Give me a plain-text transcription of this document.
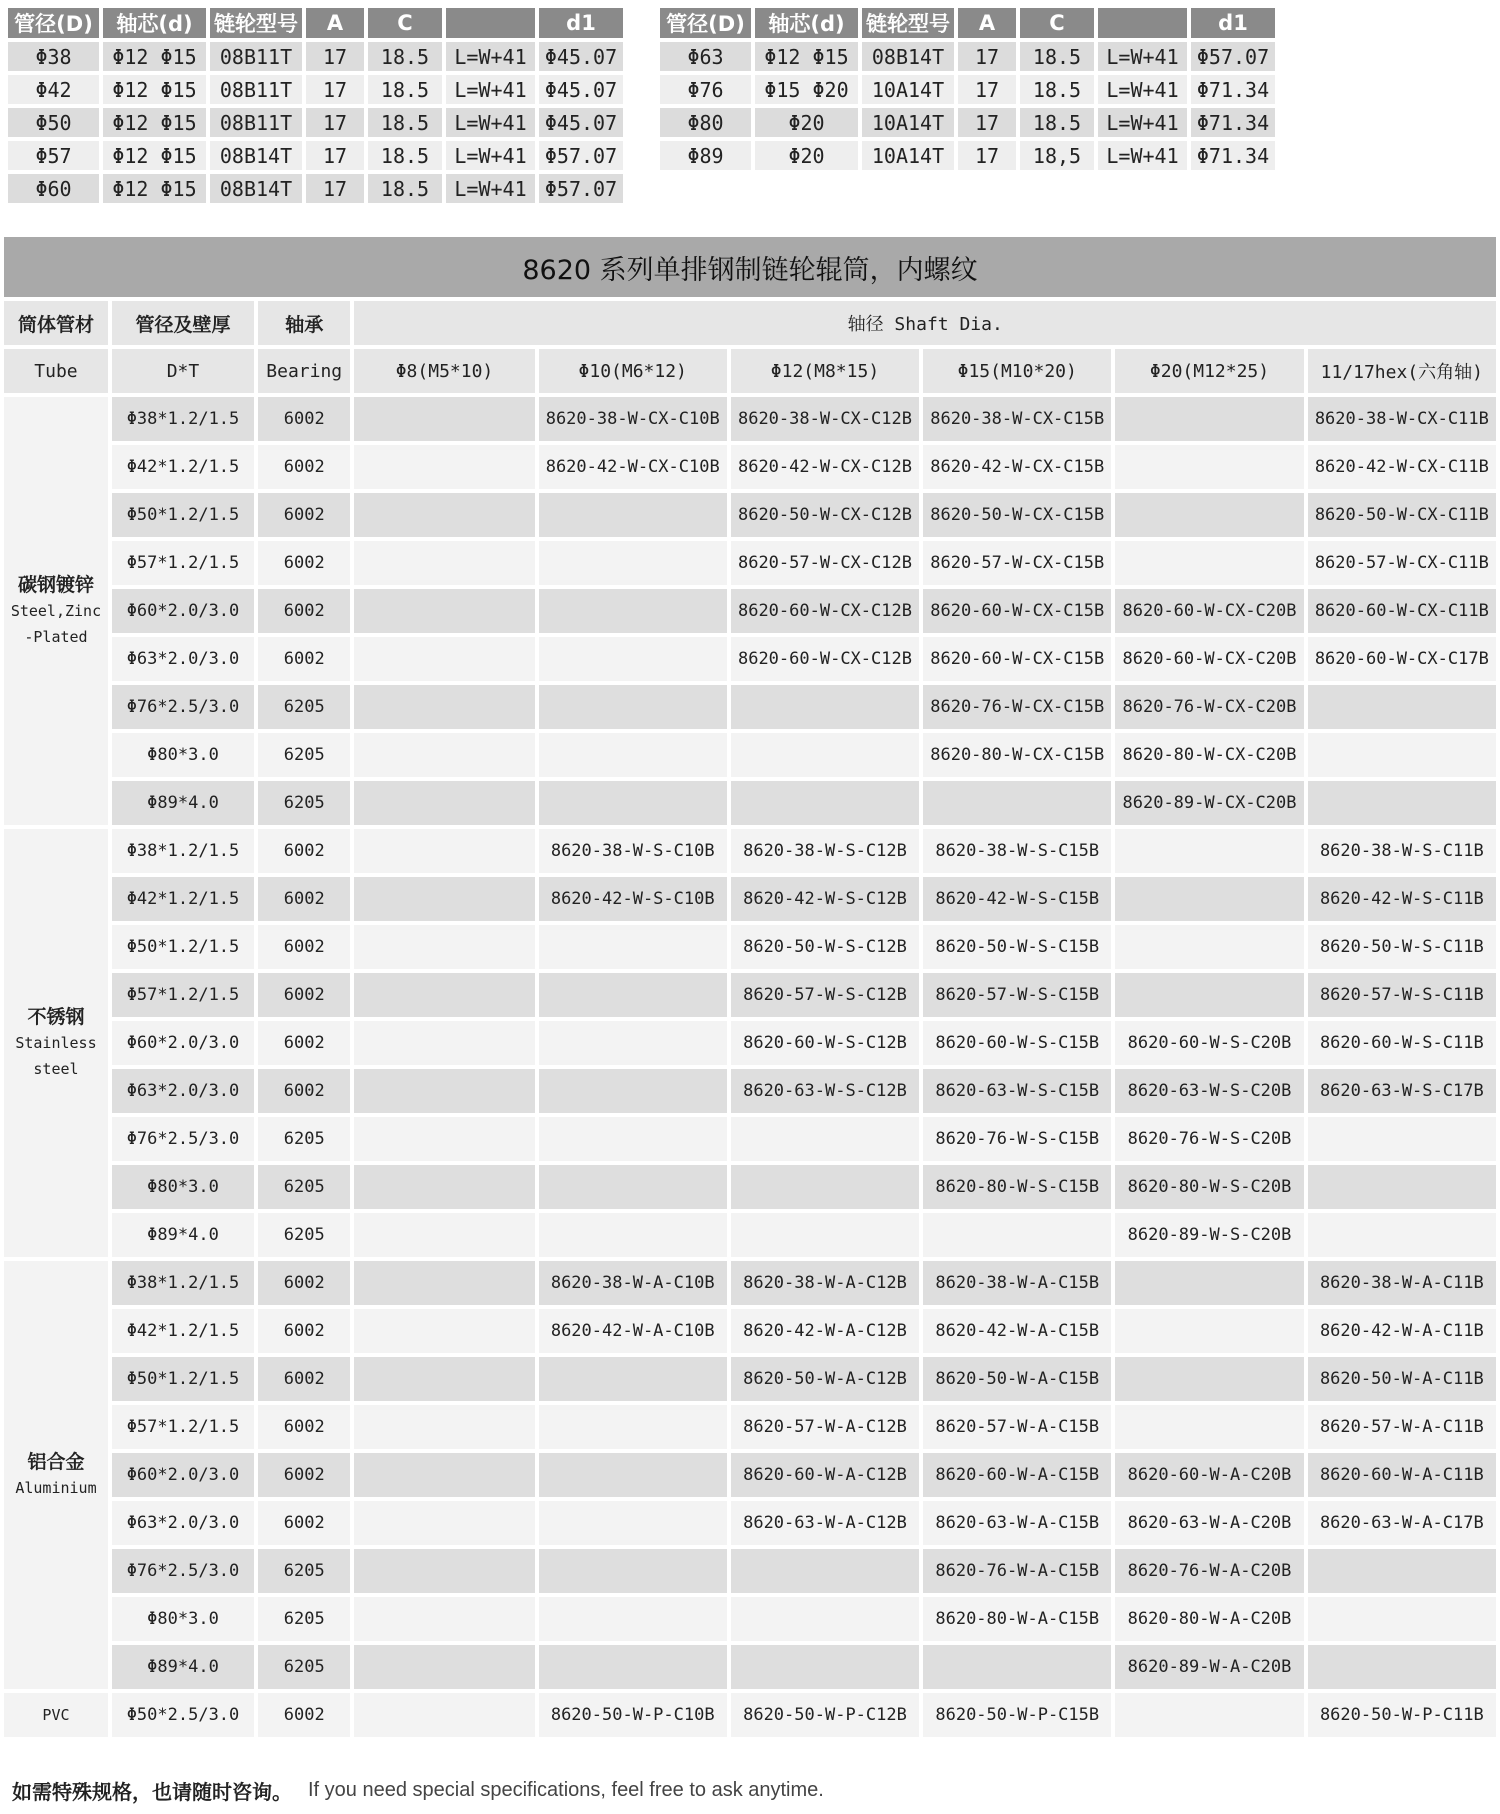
管径(D)	轴芯(d)	链轮型号	A	C		d1
Φ38	Φ12 Φ15	08B11T	17	18.5	L=W+41	Φ45.07
Φ42	Φ12 Φ15	08B11T	17	18.5	L=W+41	Φ45.07
Φ50	Φ12 Φ15	08B11T	17	18.5	L=W+41	Φ45.07
Φ57	Φ12 Φ15	08B14T	17	18.5	L=W+41	Φ57.07
Φ60	Φ12 Φ15	08B14T	17	18.5	L=W+41	Φ57.07
管径(D)	轴芯(d)	链轮型号	A	C		d1
Φ63	Φ12 Φ15	08B14T	17	18.5	L=W+41	Φ57.07
Φ76	Φ15 Φ20	10A14T	17	18.5	L=W+41	Φ71.34
Φ80	Φ20	10A14T	17	18.5	L=W+41	Φ71.34
Φ89	Φ20	10A14T	17	18,5	L=W+41	Φ71.34
8620 系列单排钢制链轮辊筒，内螺纹
筒体管材	管径及壁厚	轴承	轴径 Shaft Dia.					
Tube	D*T	Bearing	Φ8(M5*10)	Φ10(M6*12)	Φ12(M8*15)	Φ15(M10*20)	Φ20(M12*25)	11/17hex(六角轴)

碳钢镀锌
Steel,Zinc
-Plated	Φ38*1.2/1.5	6002		8620-38-W-CX-C10B	8620-38-W-CX-C12B	8620-38-W-CX-C15B		8620-38-W-CX-C11B
	Φ42*1.2/1.5	6002		8620-42-W-CX-C10B	8620-42-W-CX-C12B	8620-42-W-CX-C15B		8620-42-W-CX-C11B
	Φ50*1.2/1.5	6002			8620-50-W-CX-C12B	8620-50-W-CX-C15B		8620-50-W-CX-C11B
	Φ57*1.2/1.5	6002			8620-57-W-CX-C12B	8620-57-W-CX-C15B		8620-57-W-CX-C11B
	Φ60*2.0/3.0	6002			8620-60-W-CX-C12B	8620-60-W-CX-C15B	8620-60-W-CX-C20B	8620-60-W-CX-C11B
	Φ63*2.0/3.0	6002			8620-60-W-CX-C12B	8620-60-W-CX-C15B	8620-60-W-CX-C20B	8620-60-W-CX-C17B
	Φ76*2.5/3.0	6205				8620-76-W-CX-C15B	8620-76-W-CX-C20B	
	Φ80*3.0	6205				8620-80-W-CX-C15B	8620-80-W-CX-C20B	
	Φ89*4.0	6205					8620-89-W-CX-C20B	

不锈钢
Stainless
steel	Φ38*1.2/1.5	6002		8620-38-W-S-C10B	8620-38-W-S-C12B	8620-38-W-S-C15B		8620-38-W-S-C11B
	Φ42*1.2/1.5	6002		8620-42-W-S-C10B	8620-42-W-S-C12B	8620-42-W-S-C15B		8620-42-W-S-C11B
	Φ50*1.2/1.5	6002			8620-50-W-S-C12B	8620-50-W-S-C15B		8620-50-W-S-C11B
	Φ57*1.2/1.5	6002			8620-57-W-S-C12B	8620-57-W-S-C15B		8620-57-W-S-C11B
	Φ60*2.0/3.0	6002			8620-60-W-S-C12B	8620-60-W-S-C15B	8620-60-W-S-C20B	8620-60-W-S-C11B
	Φ63*2.0/3.0	6002			8620-63-W-S-C12B	8620-63-W-S-C15B	8620-63-W-S-C20B	8620-63-W-S-C17B
	Φ76*2.5/3.0	6205				8620-76-W-S-C15B	8620-76-W-S-C20B	
	Φ80*3.0	6205				8620-80-W-S-C15B	8620-80-W-S-C20B	
	Φ89*4.0	6205					8620-89-W-S-C20B	

铝合金
Aluminium	Φ38*1.2/1.5	6002		8620-38-W-A-C10B	8620-38-W-A-C12B	8620-38-W-A-C15B		8620-38-W-A-C11B
	Φ42*1.2/1.5	6002		8620-42-W-A-C10B	8620-42-W-A-C12B	8620-42-W-A-C15B		8620-42-W-A-C11B
	Φ50*1.2/1.5	6002			8620-50-W-A-C12B	8620-50-W-A-C15B		8620-50-W-A-C11B
	Φ57*1.2/1.5	6002			8620-57-W-A-C12B	8620-57-W-A-C15B		8620-57-W-A-C11B
	Φ60*2.0/3.0	6002			8620-60-W-A-C12B	8620-60-W-A-C15B	8620-60-W-A-C20B	8620-60-W-A-C11B
	Φ63*2.0/3.0	6002			8620-63-W-A-C12B	8620-63-W-A-C15B	8620-63-W-A-C20B	8620-63-W-A-C17B
	Φ76*2.5/3.0	6205				8620-76-W-A-C15B	8620-76-W-A-C20B	
	Φ80*3.0	6205				8620-80-W-A-C15B	8620-80-W-A-C20B	
	Φ89*4.0	6205					8620-89-W-A-C20B	

PVC	Φ50*2.5/3.0	6002		8620-50-W-P-C10B	8620-50-W-P-C12B	8620-50-W-P-C15B		8620-50-W-P-C11B
如需特殊规格，也请随时咨询。 If you need special specifications, feel free to ask anytime.
